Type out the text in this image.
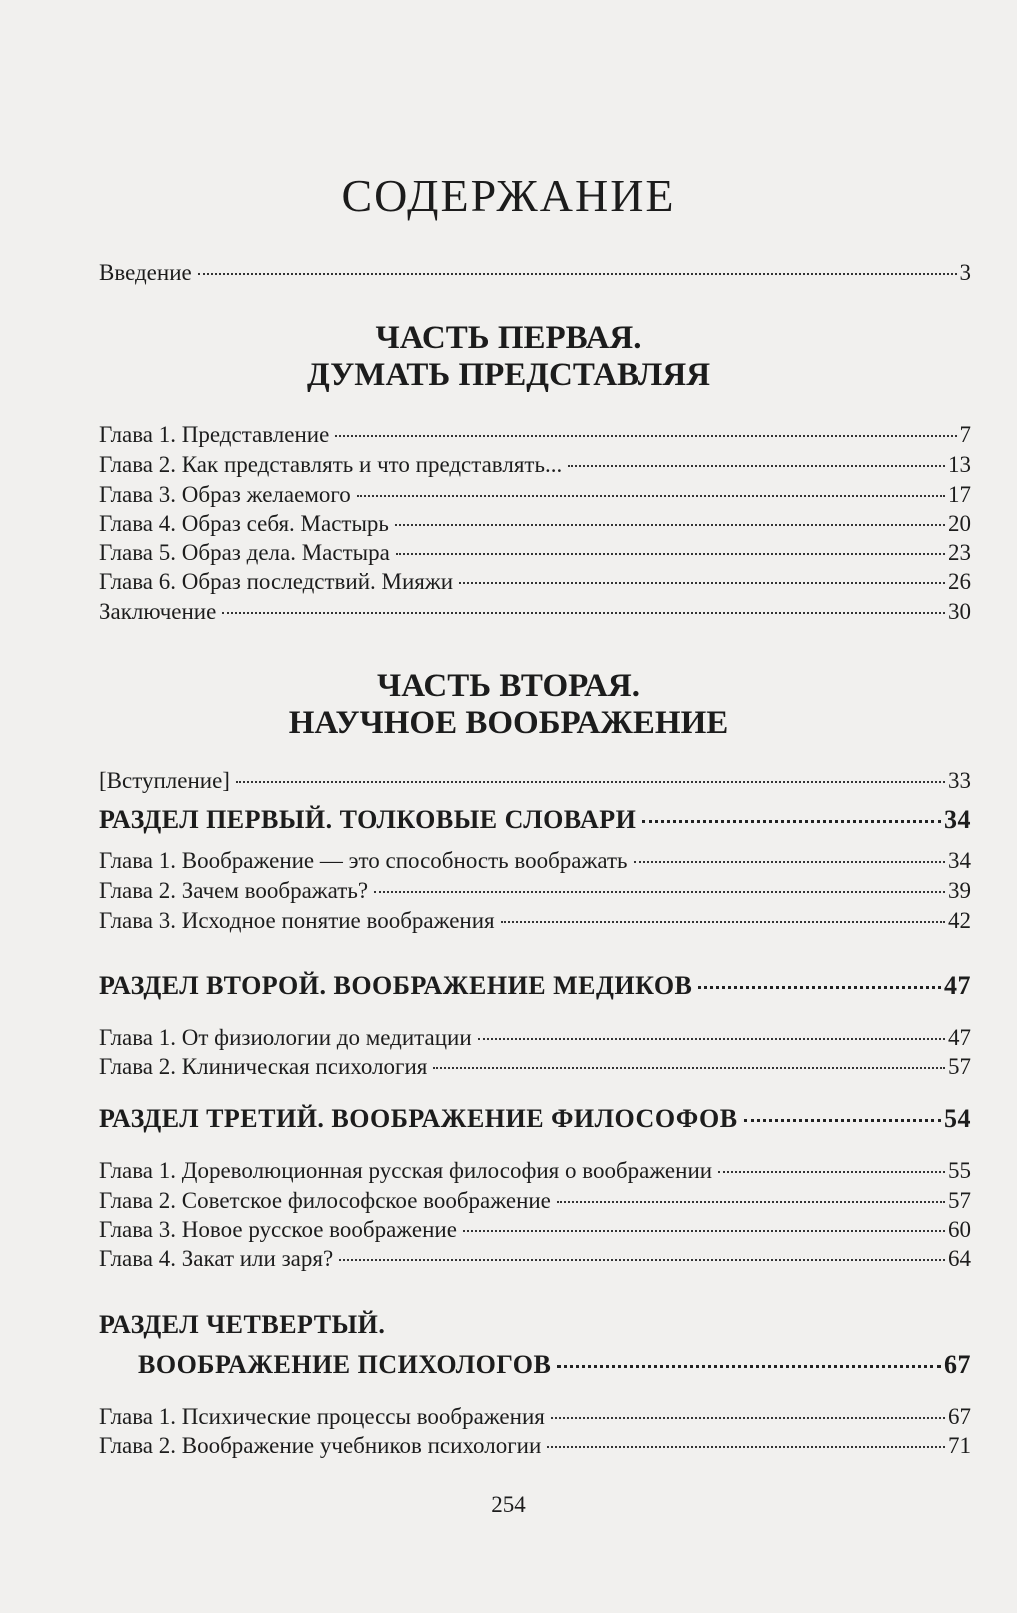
СОДЕРЖАНИЕ
Введение	3
ЧАСТЬ ПЕРВАЯ.
ДУМАТЬ ПРЕДСТАВЛЯЯ
Глава 1. Представление	7
Глава 2. Как представлять и что представлять...	13
Глава 3. Образ желаемого	17
Глава 4. Образ себя. Мастырь	20
Глава 5. Образ дела. Мастыра	23
Глава 6. Образ последствий. Мияжи	26
Заключение	30
ЧАСТЬ ВТОРАЯ.
НАУЧНОЕ ВООБРАЖЕНИЕ
[Вступление]	33
РАЗДЕЛ ПЕРВЫЙ. ТОЛКОВЫЕ СЛОВАРИ	34
Глава 1. Воображение — это способность воображать	34
Глава 2. Зачем воображать?	39
Глава 3. Исходное понятие воображения	42
РАЗДЕЛ ВТОРОЙ. ВООБРАЖЕНИЕ МЕДИКОВ	47
Глава 1. От физиологии до медитации	47
Глава 2. Клиническая психология	57
РАЗДЕЛ ТРЕТИЙ. ВООБРАЖЕНИЕ ФИЛОСОФОВ	54
Глава 1. Дореволюционная русская философия о воображении	55
Глава 2. Советское философское воображение	57
Глава 3. Новое русское воображение	60
Глава 4. Закат или заря?	64
РАЗДЕЛ ЧЕТВЕРТЫЙ.
ВООБРАЖЕНИЕ ПСИХОЛОГОВ	67
Глава 1. Психические процессы воображения	67
Глава 2. Воображение учебников психологии	71
254
